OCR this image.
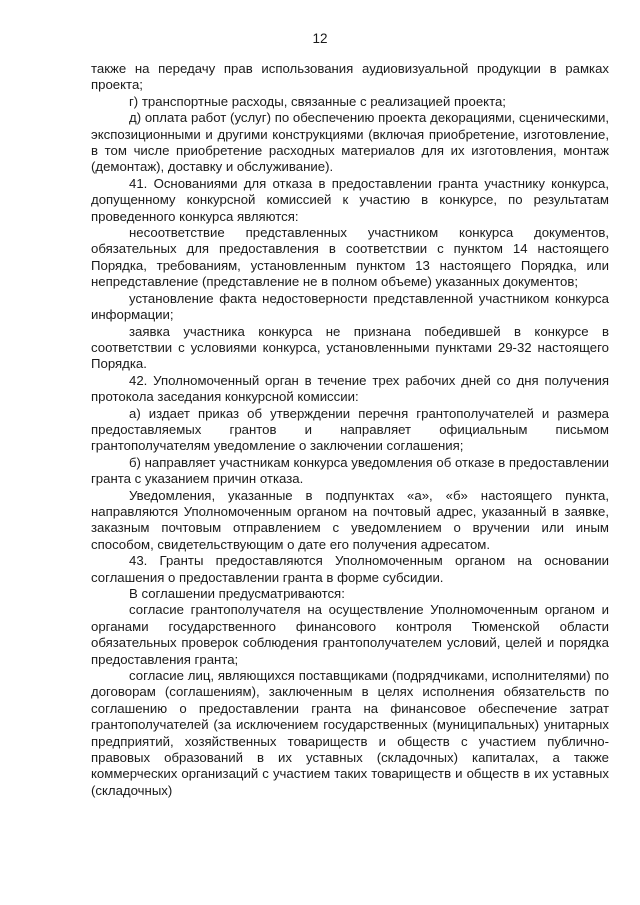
12

также на передачу прав использования аудиовизуальной продукции в рамках проекта;

г) транспортные расходы, связанные с реализацией проекта;

д) оплата работ (услуг) по обеспечению проекта декорациями, сценическими, экспозиционными и другими конструкциями (включая приобретение, изготовление, в том числе приобретение расходных материалов для их изготовления, монтаж (демонтаж), доставку и обслуживание).

41. Основаниями для отказа в предоставлении гранта участнику конкурса, допущенному конкурсной комиссией к участию в конкурсе, по результатам проведенного конкурса являются:

несоответствие представленных участником конкурса документов, обязательных для предоставления в соответствии с пунктом 14 настоящего Порядка, требованиям, установленным пунктом 13 настоящего Порядка, или непредставление (представление не в полном объеме) указанных документов;

установление факта недостоверности представленной участником конкурса информации;

заявка участника конкурса не признана победившей в конкурсе в соответствии с условиями конкурса, установленными пунктами 29-32 настоящего Порядка.

42. Уполномоченный орган в течение трех рабочих дней со дня получения протокола заседания конкурсной комиссии:

а) издает приказ об утверждении перечня грантополучателей и размера предоставляемых грантов и направляет официальным письмом грантополучателям уведомление о заключении соглашения;

б) направляет участникам конкурса уведомления об отказе в предоставлении гранта с указанием причин отказа.

Уведомления, указанные в подпунктах «а», «б» настоящего пункта, направляются Уполномоченным органом на почтовый адрес, указанный в заявке, заказным почтовым отправлением с уведомлением о вручении или иным способом, свидетельствующим о дате его получения адресатом.

43. Гранты предоставляются Уполномоченным органом на основании соглашения о предоставлении гранта в форме субсидии.

В соглашении предусматриваются:

согласие грантополучателя на осуществление Уполномоченным органом и органами государственного финансового контроля Тюменской области обязательных проверок соблюдения грантополучателем условий, целей и порядка предоставления гранта;

согласие лиц, являющихся поставщиками (подрядчиками, исполнителями) по договорам (соглашениям), заключенным в целях исполнения обязательств по соглашению о предоставлении гранта на финансовое обеспечение затрат грантополучателей (за исключением государственных (муниципальных) унитарных предприятий, хозяйственных товариществ и обществ с участием публично-правовых образований в их уставных (складочных) капиталах, а также коммерческих организаций с участием таких товариществ и обществ в их уставных (складочных)
